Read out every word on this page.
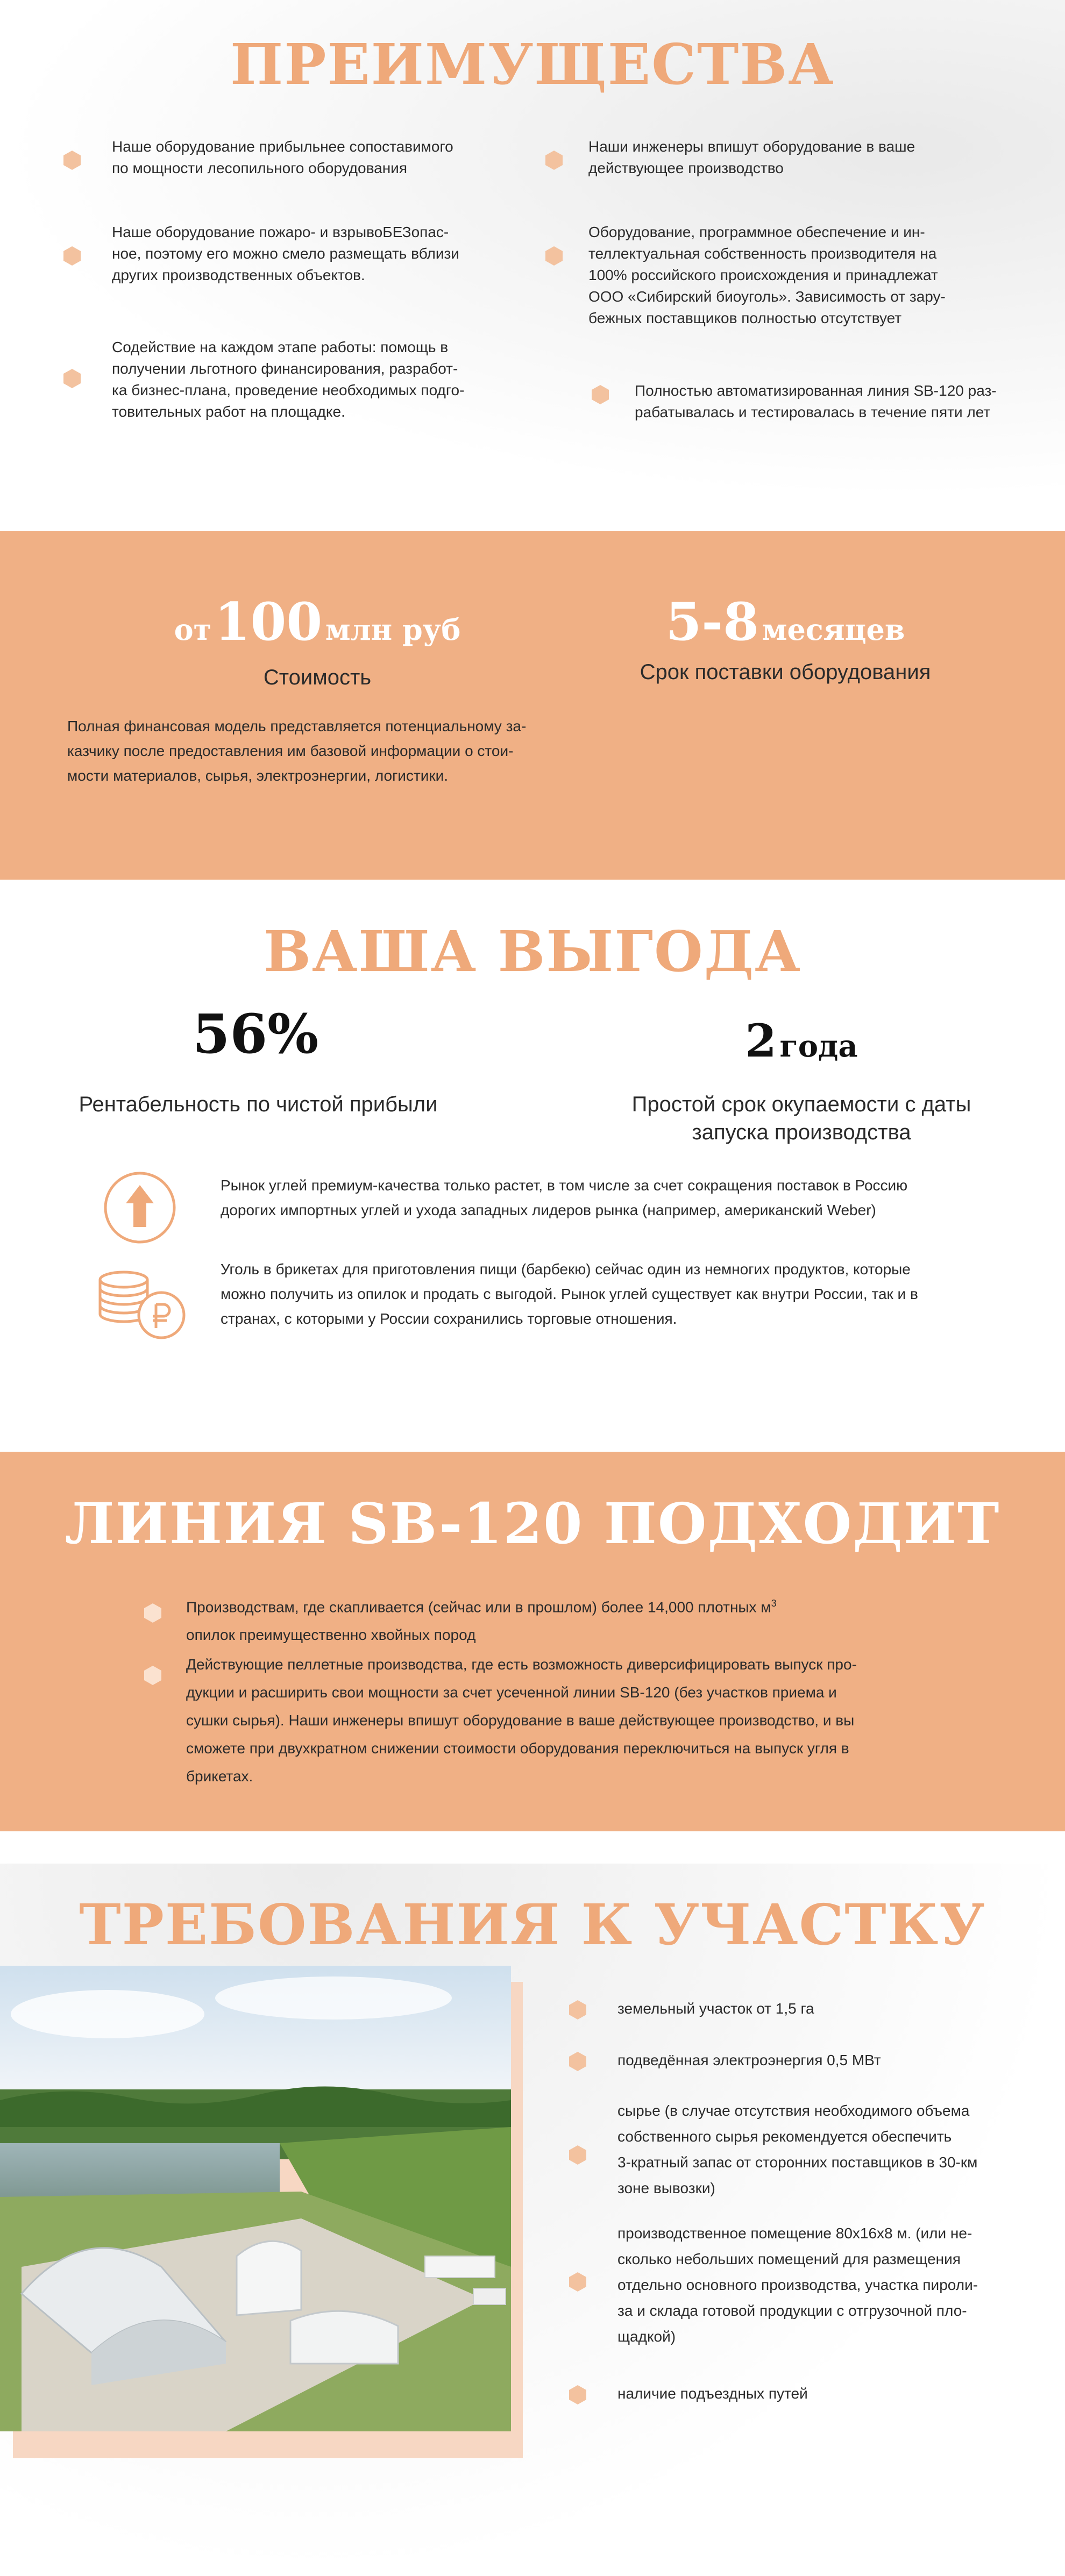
ПРЕИМУЩЕСТВА
Наше оборудование прибыльнее сопоставимого
по мощности лесопильного оборудования
Наши инженеры впишут оборудование в ваше
действующее производство
Наше оборудование пожаро- и взрывоБЕЗопас-
ное, поэтому его можно смело размещать вблизи
других производственных объектов.
Оборудование, программное обеспечение и ин-
теллектуальная собственность производителя на
100% российского происхождения и принадлежат
ООО «Сибирский биоуголь». Зависимость от зару-
бежных поставщиков полностью отсутствует
Содействие на каждом этапе работы: помощь в
получении льготного финансирования, разработ-
ка бизнес-плана, проведение необходимых подго-
товительных работ на площадке.
Полностью автоматизированная линия SB-120 раз-
рабатывалась и тестировалась в течение пяти лет
от 100 млн руб
Стоимость
5-8 месяцев
Срок поставки оборудования
Полная финансовая модель представляется потенциальному за-
казчику после предоставления им базовой информации о стои-
мости материалов, сырья, электроэнергии, логистики.
ВАША ВЫГОДА
56%
Рентабельность по чистой прибыли
2 года
Простой срок окупаемости с даты
запуска производства
Рынок углей премиум-качества только растет, в том числе за счет сокращения поставок в Россию
дорогих импортных углей и ухода западных лидеров рынка (например, американский Weber)
Уголь в брикетах для приготовления пищи (барбекю) сейчас один из немногих продуктов, которые
можно получить из опилок и продать с выгодой. Рынок углей существует как внутри России, так и в
странах, с которыми у России сохранились торговые отношения.
ЛИНИЯ SB-120 ПОДХОДИТ
Производствам, где скапливается (сейчас или в прошлом) более 14,000 плотных $м^3$
опилок преимущественно хвойных пород
Действующие пеллетные производства, где есть возможность диверсифицировать выпуск про-
дукции и расширить свои мощности за счет усеченной линии SB-120 (без участков приема и
сушки сырья). Наши инженеры впишут оборудование в ваше действующее производство, и вы
сможете при двухкратном снижении стоимости оборудования переключиться на выпуск угля в
брикетах.
ТРЕБОВАНИЯ К УЧАСТКУ
земельный участок от 1,5 га
подведённая электроэнергия 0,5 МВт
сырье (в случае отсутствия необходимого объема
собственного сырья рекомендуется обеспечить
3-кратный запас от сторонних поставщиков в 30-км
зоне вывозки)
производственное помещение 80х16х8 м. (или не-
сколько небольших помещений для размещения
отдельно основного производства, участка пироли-
за и склада готовой продукции с отгрузочной пло-
щадкой)
наличие подъездных путей
